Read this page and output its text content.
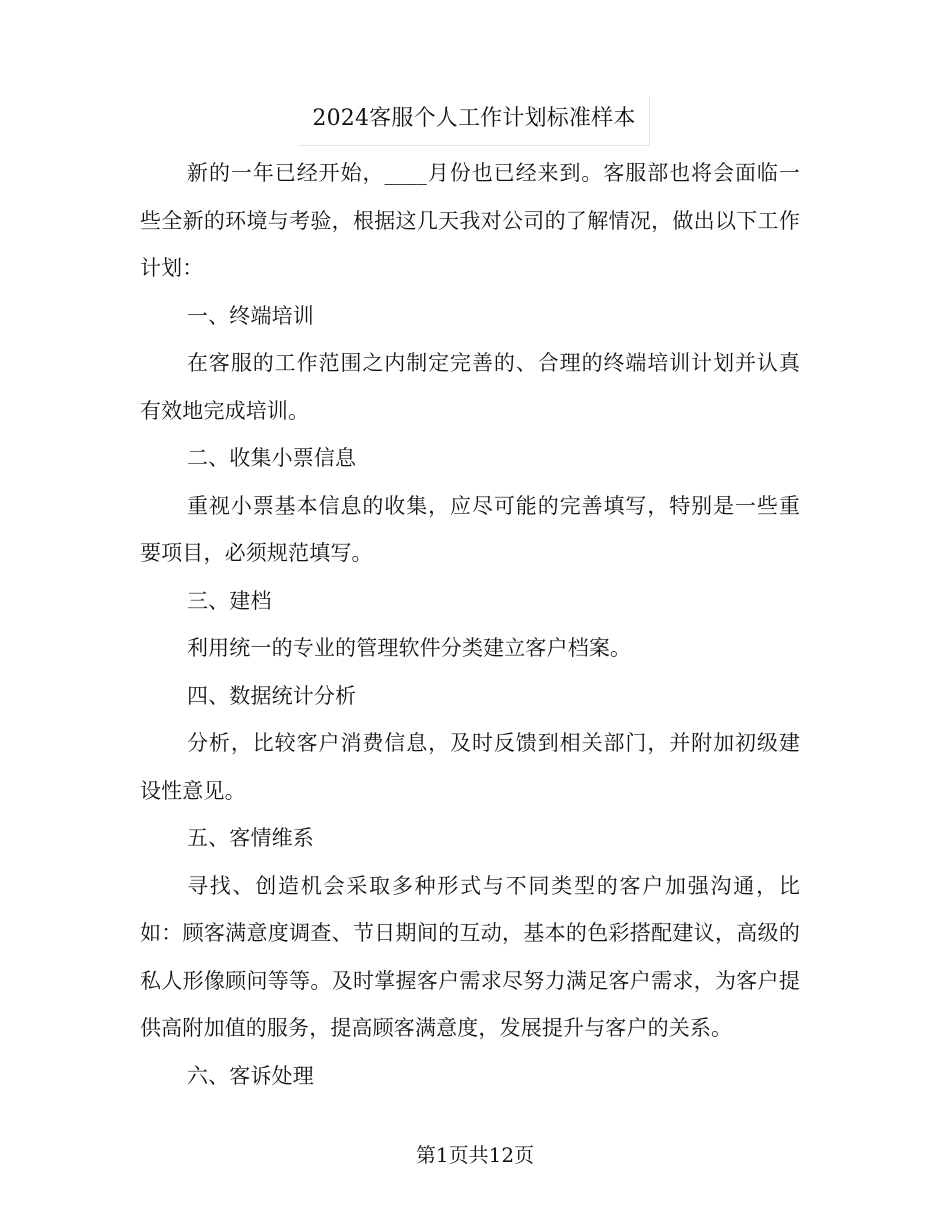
2024客服个人工作计划标准样本

新的一年已经开始，____月份也已经来到。客服部也将会面临一些全新的环境与考验，根据这几天我对公司的了解情况，做出以下工作计划：

一、终端培训

在客服的工作范围之内制定完善的、合理的终端培训计划并认真有效地完成培训。

二、收集小票信息

重视小票基本信息的收集，应尽可能的完善填写，特别是一些重要项目，必须规范填写。

三、建档

利用统一的专业的管理软件分类建立客户档案。

四、数据统计分析

分析，比较客户消费信息，及时反馈到相关部门，并附加初级建设性意见。

五、客情维系

寻找、创造机会采取多种形式与不同类型的客户加强沟通，比如：顾客满意度调查、节日期间的互动，基本的色彩搭配建议，高级的私人形像顾问等等。及时掌握客户需求尽努力满足客户需求，为客户提供高附加值的服务，提高顾客满意度，发展提升与客户的关系。

六、客诉处理

第1页共12页
